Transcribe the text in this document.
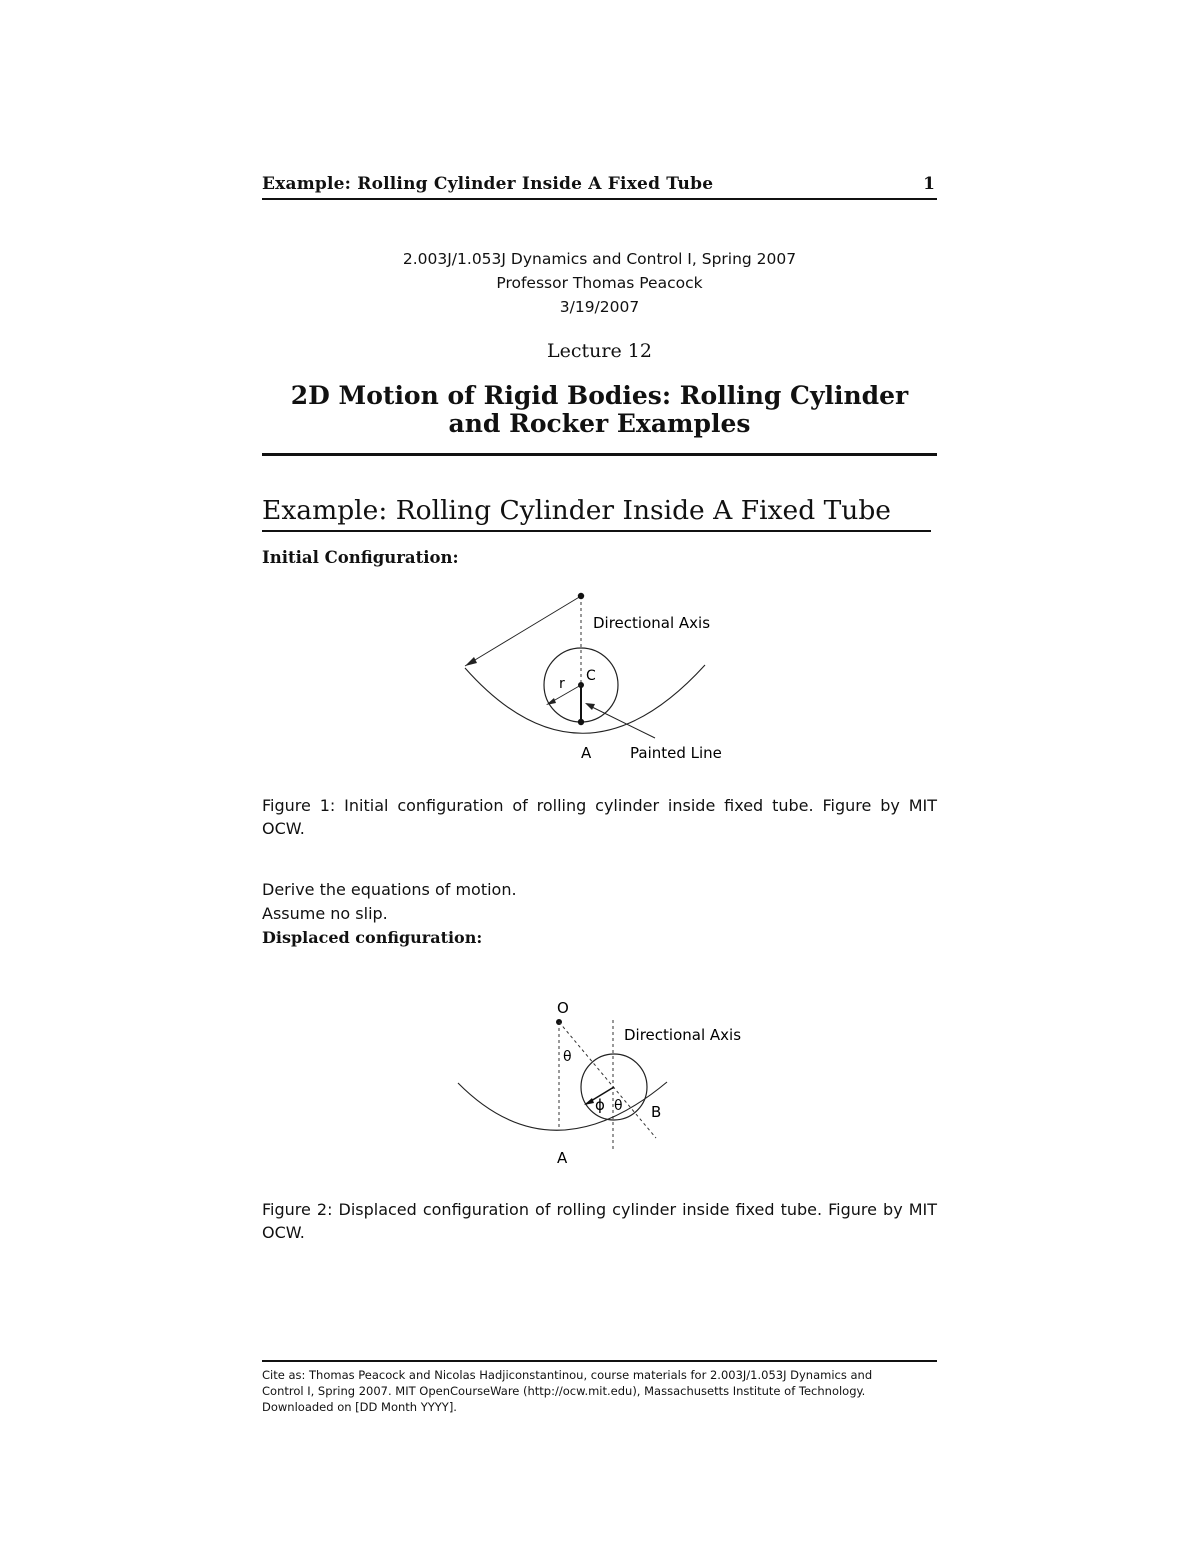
Example: Rolling Cylinder Inside A Fixed Tube	1
2.003J/1.053J Dynamics and Control I, Spring 2007
Professor Thomas Peacock
3/19/2007
Lecture 12
2D Motion of Rigid Bodies: Rolling Cylinder
and Rocker Examples
Example: Rolling Cylinder Inside A Fixed Tube
Initial Configuration:
Directional Axis
r C
A	Painted Line
Figure 1: Initial configuration of rolling cylinder inside fixed tube. Figure by MIT OCW.
Derive the equations of motion.
Assume no slip.
Displaced configuration:
O
Directional Axis
θ
ϕ θ B
A
Figure 2: Displaced configuration of rolling cylinder inside fixed tube. Figure by MIT OCW.
Cite as: Thomas Peacock and Nicolas Hadjiconstantinou, course materials for 2.003J/1.053J Dynamics and
Control I, Spring 2007. MIT OpenCourseWare (http://ocw.mit.edu), Massachusetts Institute of Technology.
Downloaded on [DD Month YYYY].
